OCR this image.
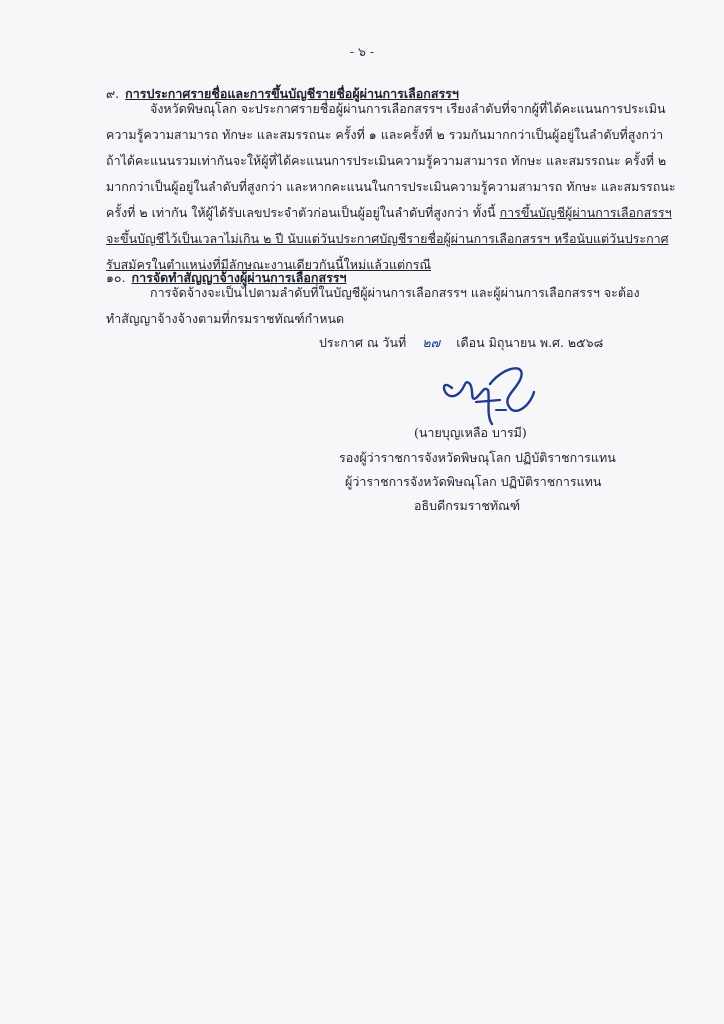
- ๖ -
๙. การประกาศรายชื่อและการขึ้นบัญชีรายชื่อผู้ผ่านการเลือกสรรฯ
จังหวัดพิษณุโลก จะประกาศรายชื่อผู้ผ่านการเลือกสรรฯ เรียงลำดับที่จากผู้ที่ได้คะแนนการประเมิน
ความรู้ความสามารถ ทักษะ และสมรรถนะ ครั้งที่ ๑ และครั้งที่ ๒ รวมกันมากกว่าเป็นผู้อยู่ในลำดับที่สูงกว่า
ถ้าได้คะแนนรวมเท่ากันจะให้ผู้ที่ได้คะแนนการประเมินความรู้ความสามารถ ทักษะ และสมรรถนะ ครั้งที่ ๒
มากกว่าเป็นผู้อยู่ในลำดับที่สูงกว่า และหากคะแนนในการประเมินความรู้ความสามารถ ทักษะ และสมรรถนะ
ครั้งที่ ๒ เท่ากัน ให้ผู้ได้รับเลขประจำตัวก่อนเป็นผู้อยู่ในลำดับที่สูงกว่า ทั้งนี้ การขึ้นบัญชีผู้ผ่านการเลือกสรรฯ
จะขึ้นบัญชีไว้เป็นเวลาไม่เกิน ๒ ปี นับแต่วันประกาศบัญชีรายชื่อผู้ผ่านการเลือกสรรฯ หรือนับแต่วันประกาศ
รับสมัครในตำแหน่งที่มีลักษณะงานเดียวกันนี้ใหม่แล้วแต่กรณี
๑๐. การจัดทำสัญญาจ้างผู้ผ่านการเลือกสรรฯ
การจัดจ้างจะเป็นไปตามลำดับที่ในบัญชีผู้ผ่านการเลือกสรรฯ และผู้ผ่านการเลือกสรรฯ จะต้อง
ทำสัญญาจ้างจ้างตามที่กรมราชทัณฑ์กำหนด
ประกาศ ณ วันที่ ๒๗ เดือน มิถุนายน พ.ศ. ๒๕๖๘
(นายบุญเหลือ บารมี)
รองผู้ว่าราชการจังหวัดพิษณุโลก ปฏิบัติราชการแทน
ผู้ว่าราชการจังหวัดพิษณุโลก ปฏิบัติราชการแทน
อธิบดีกรมราชทัณฑ์
